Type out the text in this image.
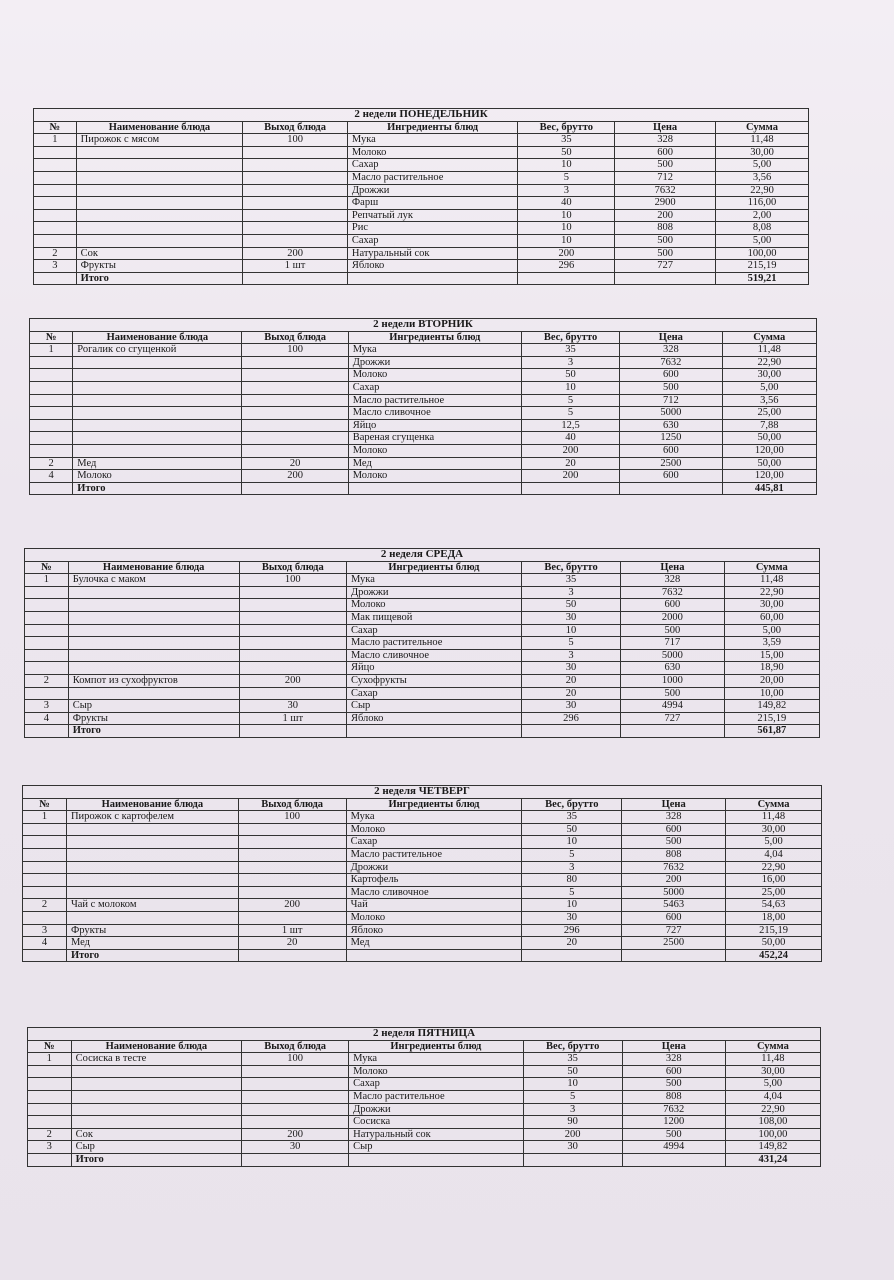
2 недели ПОНЕДЕЛЬНИК						
№	Наименование блюда	Выход блюда	Ингредиенты блюд	Вес, брутто	Цена	Сумма
1	Пирожок с мясом	100	Мука	35	328	11,48
			Молоко	50	600	30,00
			Сахар	10	500	5,00
			Масло растительное	5	712	3,56
			Дрожжи	3	7632	22,90
			Фарш	40	2900	116,00
			Репчатый лук	10	200	2,00
			Рис	10	808	8,08
			Сахар	10	500	5,00
2	Сок	200	Натуральный сок	200	500	100,00
3	Фрукты	1 шт	Яблоко	296	727	215,19
	Итого					519,21
2 недели ВТОРНИК						
№	Наименование блюда	Выход блюда	Ингредиенты блюд	Вес, брутто	Цена	Сумма
1	Рогалик со сгущенкой	100	Мука	35	328	11,48
			Дрожжи	3	7632	22,90
			Молоко	50	600	30,00
			Сахар	10	500	5,00
			Масло растительное	5	712	3,56
			Масло сливочное	5	5000	25,00
			Яйцо	12,5	630	7,88
			Вареная сгущенка	40	1250	50,00
			Молоко	200	600	120,00
2	Мед	20	Мед	20	2500	50,00
4	Молоко	200	Молоко	200	600	120,00
	Итого					445,81
2 неделя СРЕДА						
№	Наименование блюда	Выход блюда	Ингредиенты блюд	Вес, брутто	Цена	Сумма
1	Булочка с маком	100	Мука	35	328	11,48
			Дрожжи	3	7632	22,90
			Молоко	50	600	30,00
			Мак пищевой	30	2000	60,00
			Сахар	10	500	5,00
			Масло растительное	5	717	3,59
			Масло сливочное	3	5000	15,00
			Яйцо	30	630	18,90
2	Компот из сухофруктов	200	Сухофрукты	20	1000	20,00
			Сахар	20	500	10,00
3	Сыр	30	Сыр	30	4994	149,82
4	Фрукты	1 шт	Яблоко	296	727	215,19
	Итого					561,87
2 неделя ЧЕТВЕРГ						
№	Наименование блюда	Выход блюда	Ингредиенты блюд	Вес, брутто	Цена	Сумма
1	Пирожок с картофелем	100	Мука	35	328	11,48
			Молоко	50	600	30,00
			Сахар	10	500	5,00
			Масло растительное	5	808	4,04
			Дрожжи	3	7632	22,90
			Картофель	80	200	16,00
			Масло сливочное	5	5000	25,00
2	Чай с молоком	200	Чай	10	5463	54,63
			Молоко	30	600	18,00
3	Фрукты	1 шт	Яблоко	296	727	215,19
4	Мед	20	Мед	20	2500	50,00
	Итого					452,24
2 неделя ПЯТНИЦА						
№	Наименование блюда	Выход блюда	Ингредиенты блюд	Вес, брутто	Цена	Сумма
1	Сосиска в тесте	100	Мука	35	328	11,48
			Молоко	50	600	30,00
			Сахар	10	500	5,00
			Масло растительное	5	808	4,04
			Дрожжи	3	7632	22,90
			Сосиска	90	1200	108,00
2	Сок	200	Натуральный сок	200	500	100,00
3	Сыр	30	Сыр	30	4994	149,82
	Итого					431,24
